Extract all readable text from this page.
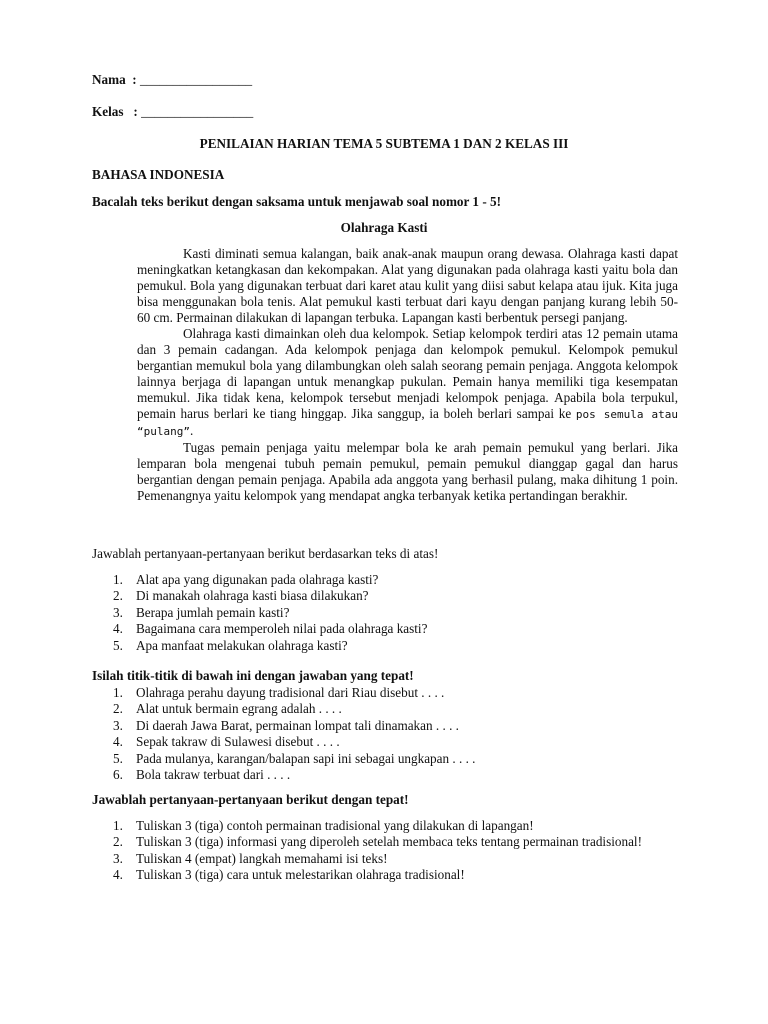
Nama : _________________
Kelas : _________________
PENILAIAN HARIAN TEMA 5 SUBTEMA 1 DAN 2 KELAS III
BAHASA INDONESIA
Bacalah teks berikut dengan saksama untuk menjawab soal nomor 1 - 5!
Olahraga Kasti

Kasti diminati semua kalangan, baik anak-anak maupun orang dewasa. Olahraga kasti dapat meningkatkan ketangkasan dan kekompakan. Alat yang digunakan pada olahraga kasti yaitu bola dan pemukul. Bola yang digunakan terbuat dari karet atau kulit yang diisi sabut kelapa atau ijuk. Kita juga bisa menggunakan bola tenis. Alat pemukul kasti terbuat dari kayu dengan panjang kurang lebih 50-60 cm. Permainan dilakukan di lapangan terbuka. Lapangan kasti berbentuk persegi panjang.

Olahraga kasti dimainkan oleh dua kelompok. Setiap kelompok terdiri atas 12 pemain utama dan 3 pemain cadangan. Ada kelompok penjaga dan kelompok pemukul. Kelompok pemukul bergantian memukul bola yang dilambungkan oleh salah seorang pemain penjaga. Anggota kelompok lainnya berjaga di lapangan untuk menangkap pukulan. Pemain hanya memiliki tiga kesempatan memukul. Jika tidak kena, kelompok tersebut menjadi kelompok penjaga. Apabila bola terpukul, pemain harus berlari ke tiang hinggap. Jika sanggup, ia boleh berlari sampai ke pos semula atau “pulang”.

Tugas pemain penjaga yaitu melempar bola ke arah pemain pemukul yang berlari. Jika lemparan bola mengenai tubuh pemain pemukul, pemain pemukul dianggap gagal dan harus bergantian dengan pemain penjaga. Apabila ada anggota yang berhasil pulang, maka dihitung 1 poin. Pemenangnya yaitu kelompok yang mendapat angka terbanyak ketika pertandingan berakhir.

Jawablah pertanyaan-pertanyaan berikut berdasarkan teks di atas!
1. Alat apa yang digunakan pada olahraga kasti?
2. Di manakah olahraga kasti biasa dilakukan?
3. Berapa jumlah pemain kasti?
4. Bagaimana cara memperoleh nilai pada olahraga kasti?
5. Apa manfaat melakukan olahraga kasti?
Isilah titik-titik di bawah ini dengan jawaban yang tepat!
1. Olahraga perahu dayung tradisional dari Riau disebut . . . .
2. Alat untuk bermain egrang adalah . . . .
3. Di daerah Jawa Barat, permainan lompat tali dinamakan . . . .
4. Sepak takraw di Sulawesi disebut . . . .
5. Pada mulanya, karangan/balapan sapi ini sebagai ungkapan . . . .
6. Bola takraw terbuat dari . . . .
Jawablah pertanyaan-pertanyaan berikut dengan tepat!
1. Tuliskan 3 (tiga) contoh permainan tradisional yang dilakukan di lapangan!
2. Tuliskan 3 (tiga) informasi yang diperoleh setelah membaca teks tentang permainan tradisional!
3. Tuliskan 4 (empat) langkah memahami isi teks!
4. Tuliskan 3 (tiga) cara untuk melestarikan olahraga tradisional!
